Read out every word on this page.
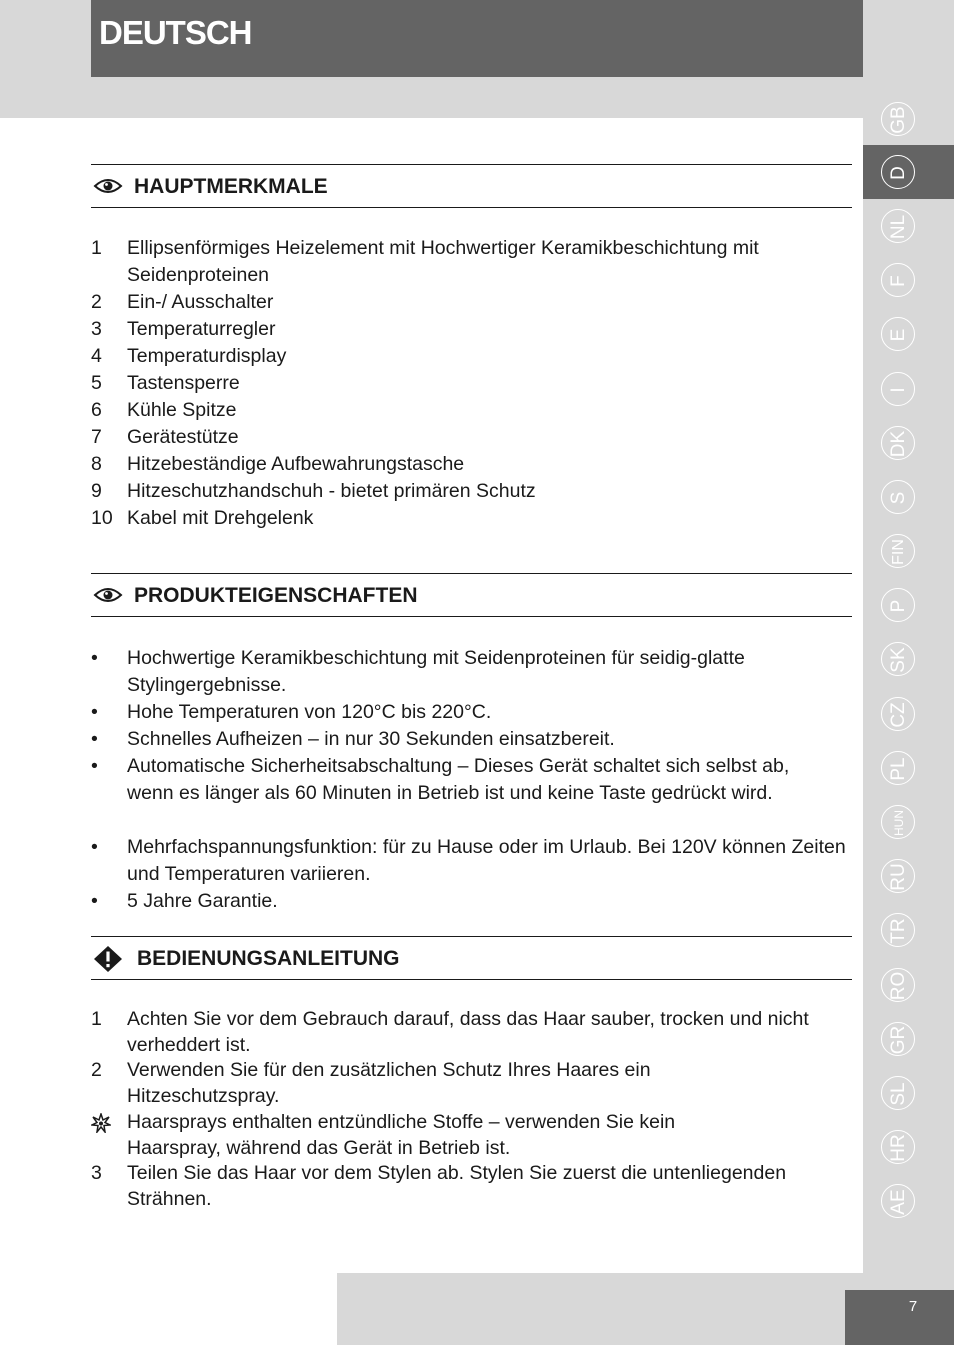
DEUTSCH
GB
D
NL
F
E
I
DK
S
FIN
P
SK
CZ
PL
HUN
RU
TR
RO
GR
SL
HR
AE
7
HAUPTMERKMALE
1	Ellipsenförmiges Heizelement mit Hochwertiger Keramikbeschichtung mit Seidenproteinen
2	Ein-/ Ausschalter
3	Temperaturregler
4	Temperaturdisplay
5	Tastensperre
6	Kühle Spitze
7	Gerätestütze
8	Hitzebeständige Aufbewahrungstasche
9	Hitzeschutzhandschuh - bietet primären Schutz
10 Kabel mit Drehgelenk
PRODUKTEIGENSCHAFTEN
• Hochwertige Keramikbeschichtung mit Seidenproteinen für seidig-glatte Stylingergebnisse.
• Hohe Temperaturen von 120°C bis 220°C.
• Schnelles Aufheizen – in nur 30 Sekunden einsatzbereit.
• Automatische Sicherheitsabschaltung – Dieses Gerät schaltet sich selbst ab, wenn es länger als 60 Minuten in Betrieb ist und keine Taste gedrückt wird.
• Mehrfachspannungsfunktion: für zu Hause oder im Urlaub. Bei 120V können Zeiten und Temperaturen variieren.
• 5 Jahre Garantie.
BEDIENUNGSANLEITUNG
1	Achten Sie vor dem Gebrauch darauf, dass das Haar sauber, trocken und nicht verheddert ist.
2	Verwenden Sie für den zusätzlichen Schutz Ihres Haares ein Hitzeschutzspray.
Haarsprays enthalten entzündliche Stoffe – verwenden Sie kein Haarspray, während das Gerät in Betrieb ist.
3	Teilen Sie das Haar vor dem Stylen ab. Stylen Sie zuerst die untenliegenden Strähnen.
